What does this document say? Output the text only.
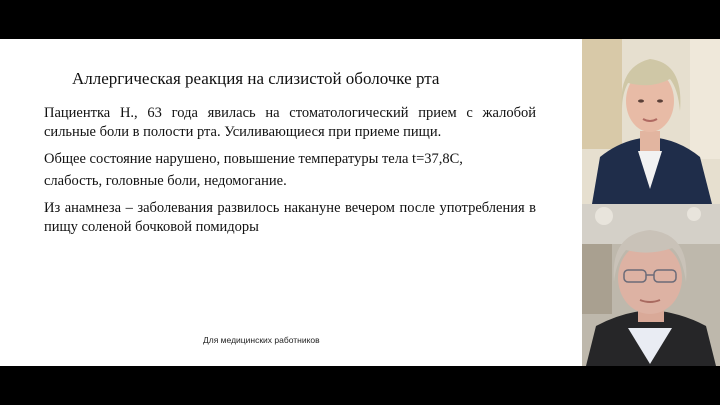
Аллергическая реакция на слизистой оболочке рта

Пациентка Н., 63 года явилась на стоматологический прием с жалобой сильные боли в полости рта. Усиливающиеся при приеме пищи.

Общее состояние нарушено, повышение температуры тела t=37,8С,

слабость, головные боли, недомогание.

Из анамнеза – заболевания развилось накануне вечером после употребления в пищу соленой бочковой помидоры

Для медицинских работников
